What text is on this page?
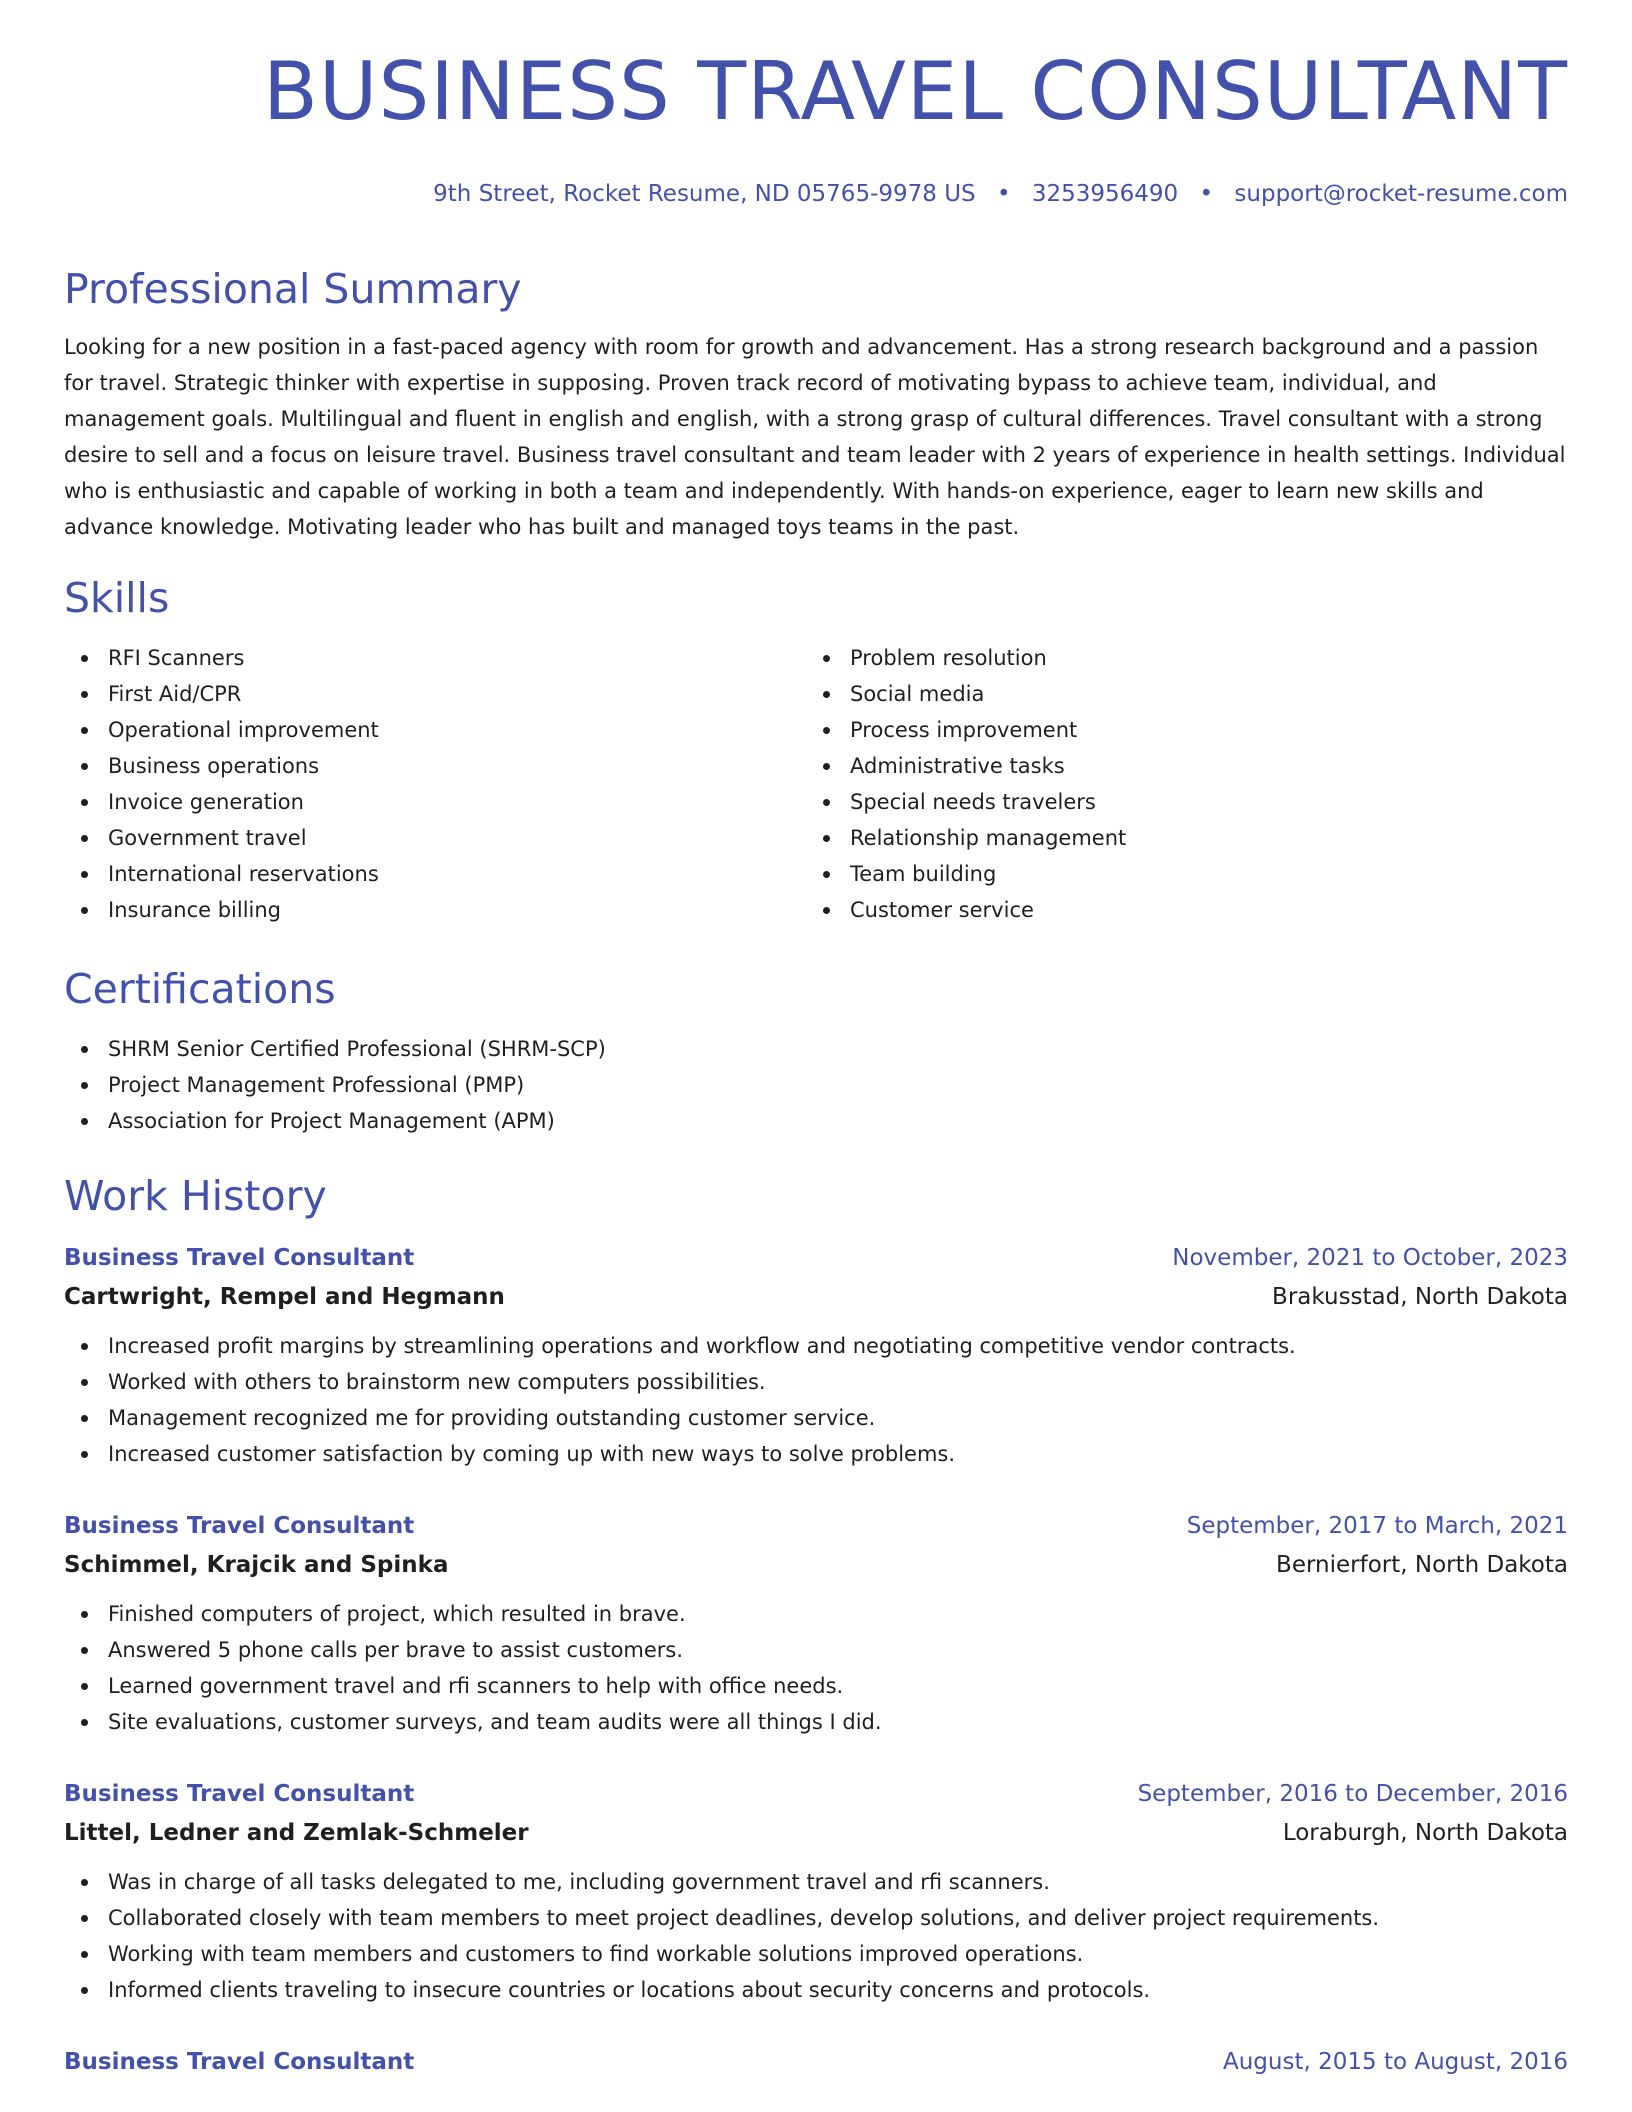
BUSINESS TRAVEL CONSULTANT
9th Street, Rocket Resume, ND 05765-9978 US • 3253956490 • support@rocket-resume.com
Professional Summary

Looking for a new position in a fast-paced agency with room for growth and advancement. Has a strong research background and a passion for travel. Strategic thinker with expertise in supposing. Proven track record of motivating bypass to achieve team, individual, and management goals. Multilingual and fluent in english and english, with a strong grasp of cultural differences. Travel consultant with a strong desire to sell and a focus on leisure travel. Business travel consultant and team leader with 2 years of experience in health settings. Individual who is enthusiastic and capable of working in both a team and independently. With hands-on experience, eager to learn new skills and advance knowledge. Motivating leader who has built and managed toys teams in the past.

Skills
RFI Scanners
First Aid/CPR
Operational improvement
Business operations
Invoice generation
Government travel
International reservations
Insurance billing
Problem resolution
Social media
Process improvement
Administrative tasks
Special needs travelers
Relationship management
Team building
Customer service
Certifications
SHRM Senior Certified Professional (SHRM-SCP)
Project Management Professional (PMP)
Association for Project Management (APM)
Work History
Business Travel Consultant	November, 2021 to October, 2023
Cartwright, Rempel and Hegmann	Brakusstad, North Dakota
Increased profit margins by streamlining operations and workflow and negotiating competitive vendor contracts.
Worked with others to brainstorm new computers possibilities.
Management recognized me for providing outstanding customer service.
Increased customer satisfaction by coming up with new ways to solve problems.
Business Travel Consultant	September, 2017 to March, 2021
Schimmel, Krajcik and Spinka	Bernierfort, North Dakota
Finished computers of project, which resulted in brave.
Answered 5 phone calls per brave to assist customers.
Learned government travel and rfi scanners to help with office needs.
Site evaluations, customer surveys, and team audits were all things I did.
Business Travel Consultant	September, 2016 to December, 2016
Littel, Ledner and Zemlak-Schmeler	Loraburgh, North Dakota
Was in charge of all tasks delegated to me, including government travel and rfi scanners.
Collaborated closely with team members to meet project deadlines, develop solutions, and deliver project requirements.
Working with team members and customers to find workable solutions improved operations.
Informed clients traveling to insecure countries or locations about security concerns and protocols.
Business Travel Consultant	August, 2015 to August, 2016
